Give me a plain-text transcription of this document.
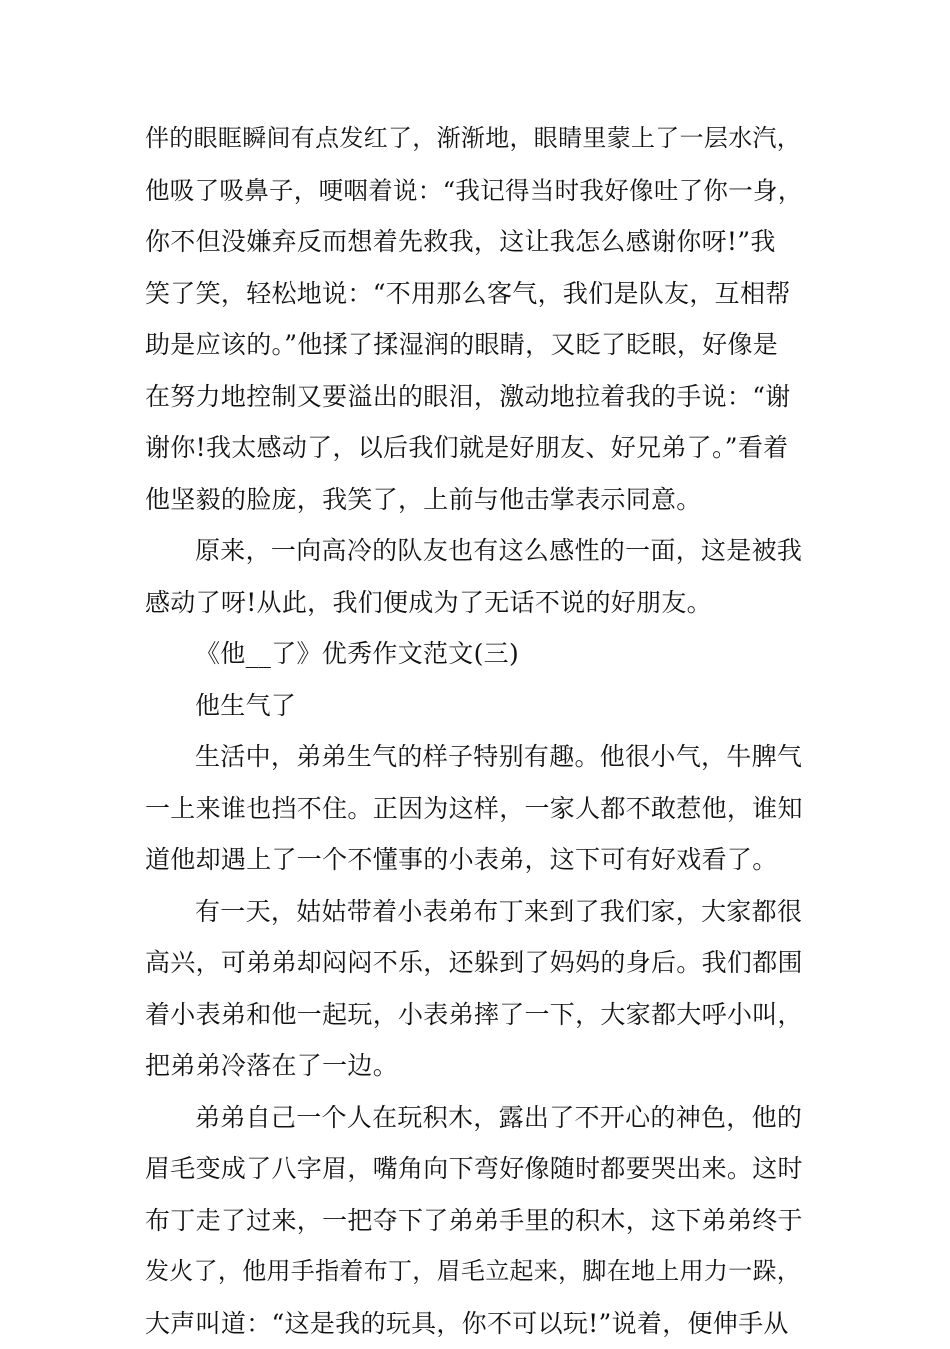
伴的眼眶瞬间有点发红了，渐渐地，眼睛里蒙上了一层水汽，
他吸了吸鼻子，哽咽着说：“我记得当时我好像吐了你一身，
你不但没嫌弃反而想着先救我，这让我怎么感谢你呀!”我
笑了笑，轻松地说：“不用那么客气，我们是队友，互相帮
助是应该的。”他揉了揉湿润的眼睛，又眨了眨眼，好像是
在努力地控制又要溢出的眼泪，激动地拉着我的手说：“谢
谢你!我太感动了，以后我们就是好朋友、好兄弟了。”看着
他坚毅的脸庞，我笑了，上前与他击掌表示同意。
原来，一向高冷的队友也有这么感性的一面，这是被我
感动了呀!从此，我们便成为了无话不说的好朋友。
《他__了》优秀作文范文(三)
他生气了
生活中，弟弟生气的样子特别有趣。他很小气，牛脾气
一上来谁也挡不住。正因为这样，一家人都不敢惹他，谁知
道他却遇上了一个不懂事的小表弟，这下可有好戏看了。
有一天，姑姑带着小表弟布丁来到了我们家，大家都很
高兴，可弟弟却闷闷不乐，还躲到了妈妈的身后。我们都围
着小表弟和他一起玩，小表弟摔了一下，大家都大呼小叫，
把弟弟冷落在了一边。
弟弟自己一个人在玩积木，露出了不开心的神色，他的
眉毛变成了八字眉，嘴角向下弯好像随时都要哭出来。这时
布丁走了过来，一把夺下了弟弟手里的积木，这下弟弟终于
发火了，他用手指着布丁，眉毛立起来，脚在地上用力一跺，
大声叫道：“这是我的玩具，你不可以玩!”说着，便伸手从
